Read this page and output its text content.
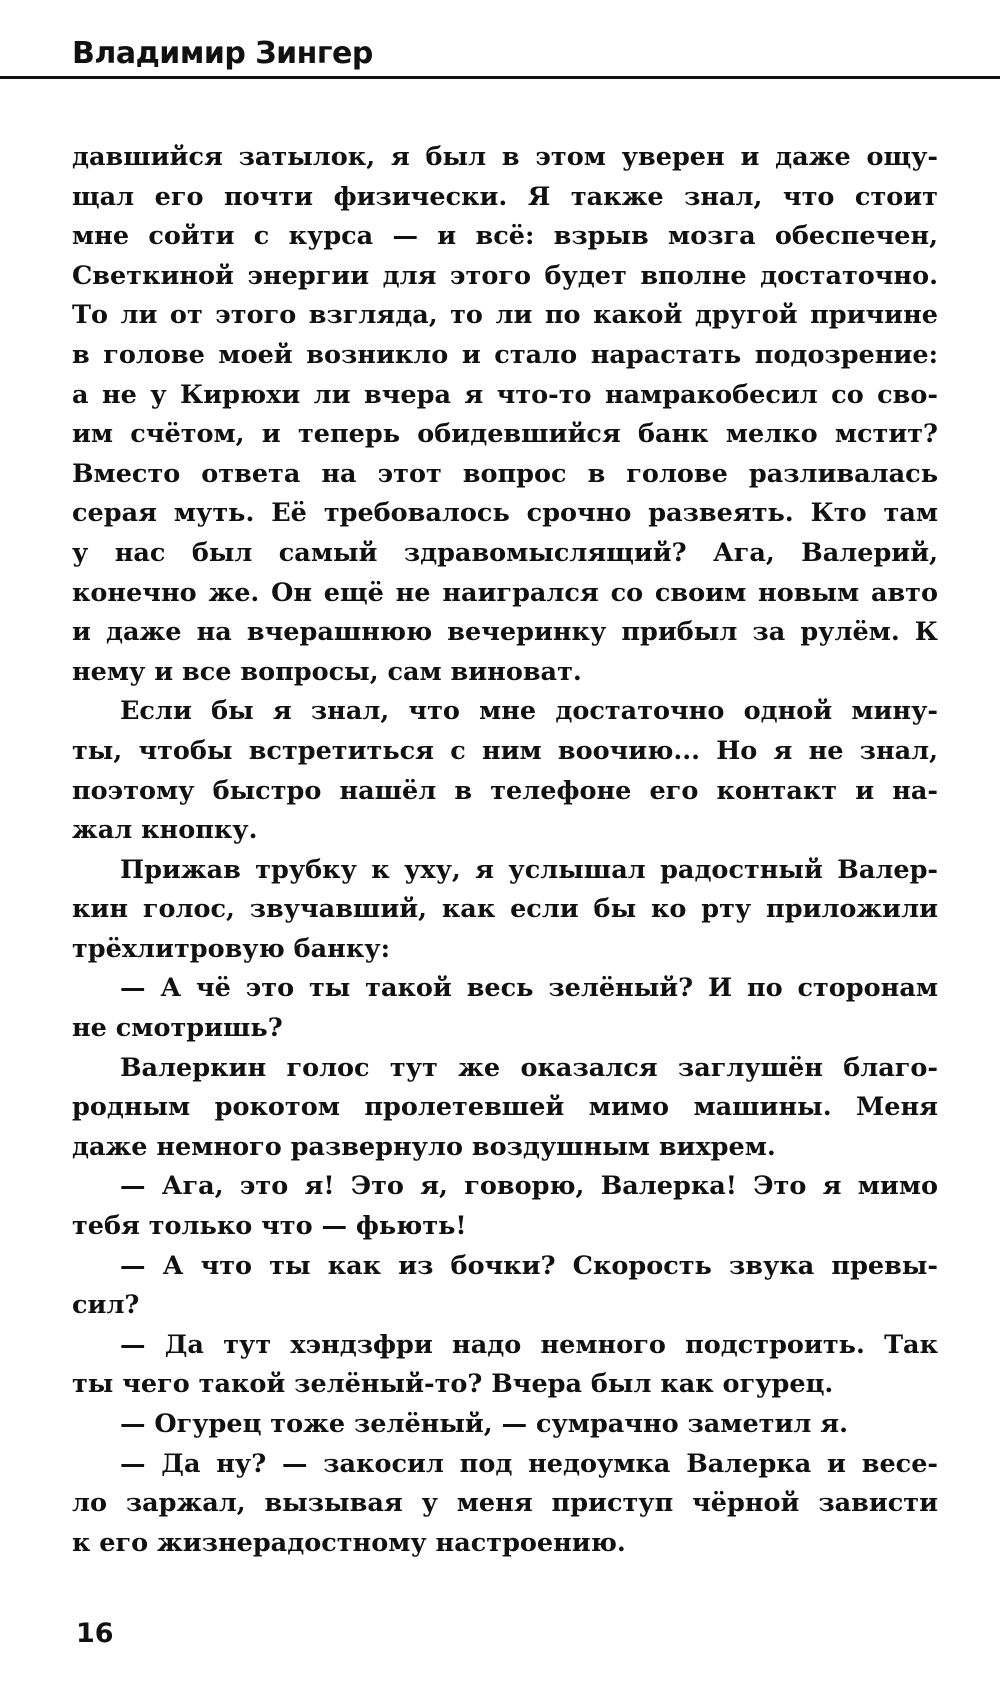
Владимир Зингер
давшийся затылок, я был в этом уверен и даже ощу-
щал его почти физически. Я также знал, что стоит
мне сойти с курса — и всё: взрыв мозга обеспечен,
Светкиной энергии для этого будет вполне достаточно.
То ли от этого взгляда, то ли по какой другой причине
в голове моей возникло и стало нарастать подозрение:
а не у Кирюхи ли вчера я что-то намракобесил со сво-
им счётом, и теперь обидевшийся банк мелко мстит?
Вместо ответа на этот вопрос в голове разливалась
серая муть. Её требовалось срочно развеять. Кто там
у нас был самый здравомыслящий? Ага, Валерий,
конечно же. Он ещё не наигрался со своим новым авто
и даже на вчерашнюю вечеринку прибыл за рулём. К
нему и все вопросы, сам виноват.
Если бы я знал, что мне достаточно одной мину-
ты, чтобы встретиться с ним воочию... Но я не знал,
поэтому быстро нашёл в телефоне его контакт и на-
жал кнопку.
Прижав трубку к уху, я услышал радостный Валер-
кин голос, звучавший, как если бы ко рту приложили
трёхлитровую банку:
— А чё это ты такой весь зелёный? И по сторонам
не смотришь?
Валеркин голос тут же оказался заглушён благо-
родным рокотом пролетевшей мимо машины. Меня
даже немного развернуло воздушным вихрем.
— Ага, это я! Это я, говорю, Валерка! Это я мимо
тебя только что — фьють!
— А что ты как из бочки? Скорость звука превы-
сил?
— Да тут хэндзфри надо немного подстроить. Так
ты чего такой зелёный-то? Вчера был как огурец.
— Огурец тоже зелёный, — сумрачно заметил я.
— Да ну? — закосил под недоумка Валерка и весе-
ло заржал, вызывая у меня приступ чёрной зависти
к его жизнерадостному настроению.
16
